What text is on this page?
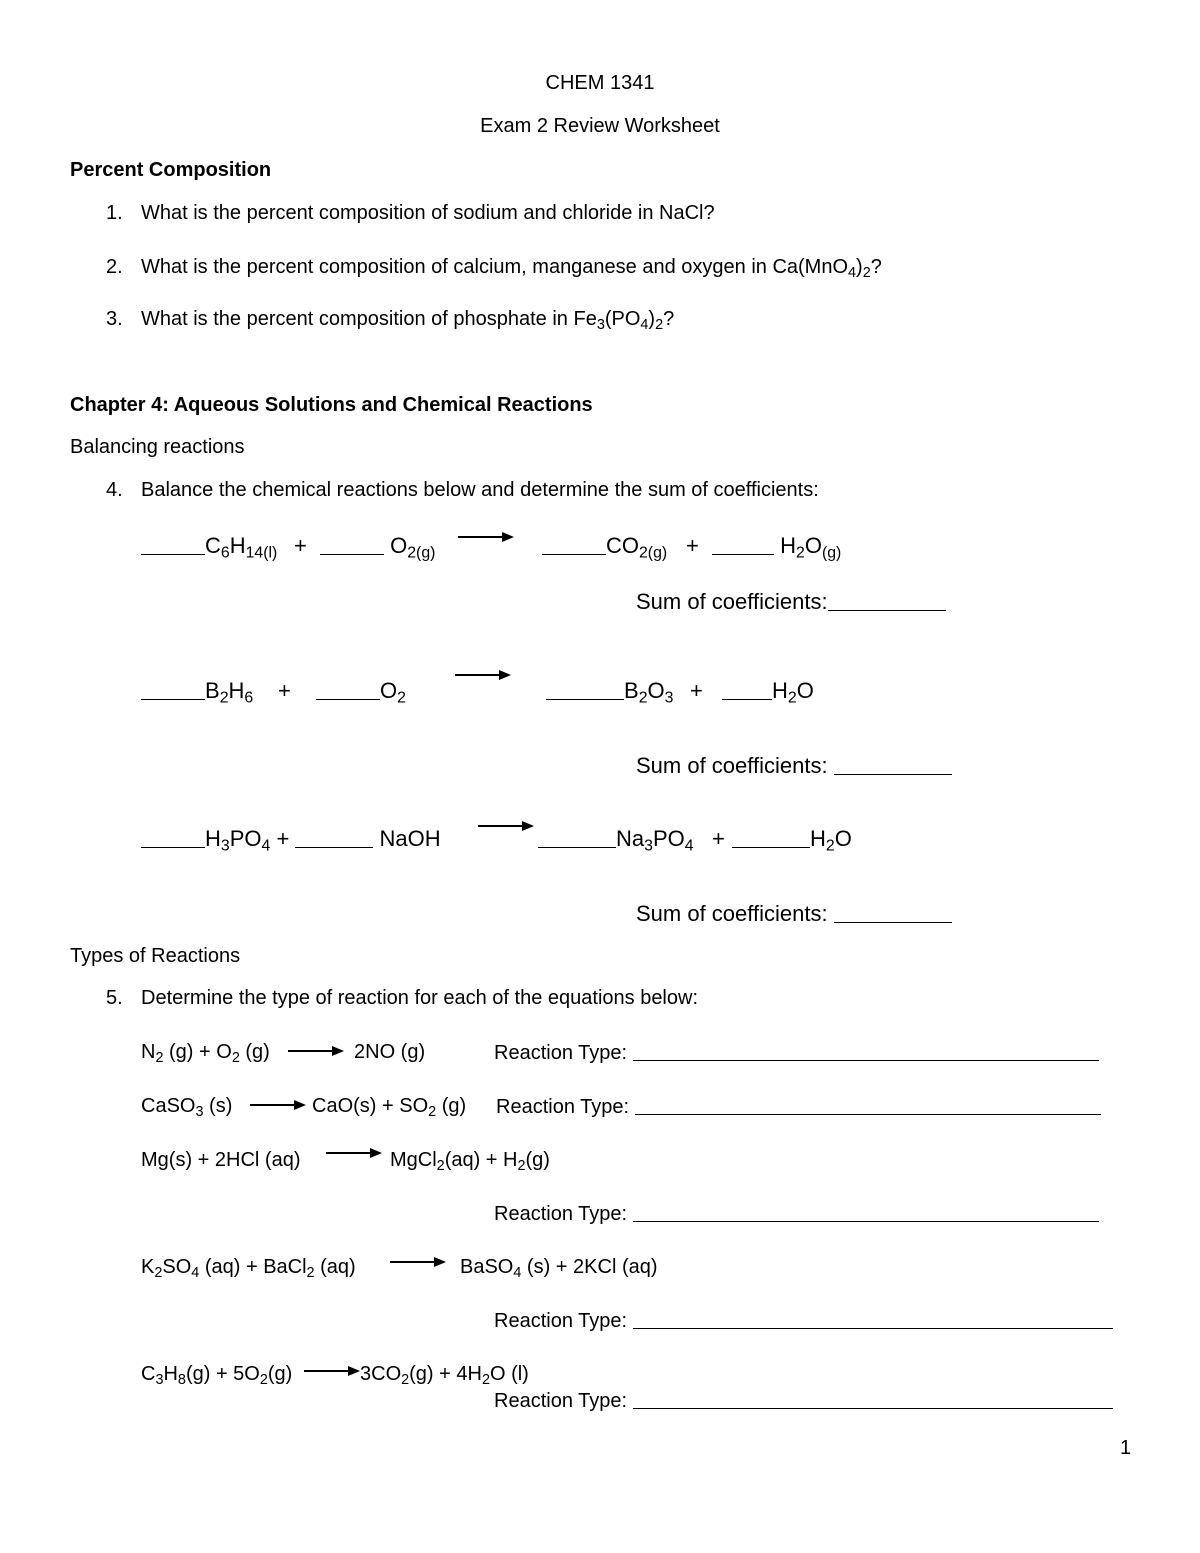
CHEM 1341
Exam 2 Review Worksheet
Percent Composition
1. What is the percent composition of sodium and chloride in NaCl?
2. What is the percent composition of calcium, manganese and oxygen in $Ca(MnO_4)_2$?
3. What is the percent composition of phosphate in $Fe_3(PO_4)_2$?
Chapter 4: Aqueous Solutions and Chemical Reactions
Balancing reactions
4. Balance the chemical reactions below and determine the sum of coefficients:
$C_6H_{14(l)}$ +	$O_{2(g)}$	$CO_{2(g)}$ +	$H_2O_{(g)}$
Sum of coefficients:
$B_2H_6$ +	$O_2$	$B_2O_3$ +	$H_2O$
Sum of coefficients:
$H_3PO_4$ +	NaOH	$Na_3PO_4$ +	$H_2O$
Sum of coefficients:
Types of Reactions
5. Determine the type of reaction for each of the equations below:
$N_2$ $(g) + O_2$ (g)	2NO (g)	Reaction Type:
CaSO$_3$ (s)	$CaO(s) + SO_2$ (g) Reaction Type:
Mg(s) + 2HCl (aq)	MgCl$_2$(aq) + $H_2(g)$
Reaction Type:
$K_2SO_4$ (aq) + BaCl$_2$ (aq)	BaSO$_4$ (s) + 2KCl (aq)
Reaction Type:
$C_3H_8(g) + 5O_2(g)$	$3CO_2(g) + 4H_2O$ (l)
Reaction Type:
1
